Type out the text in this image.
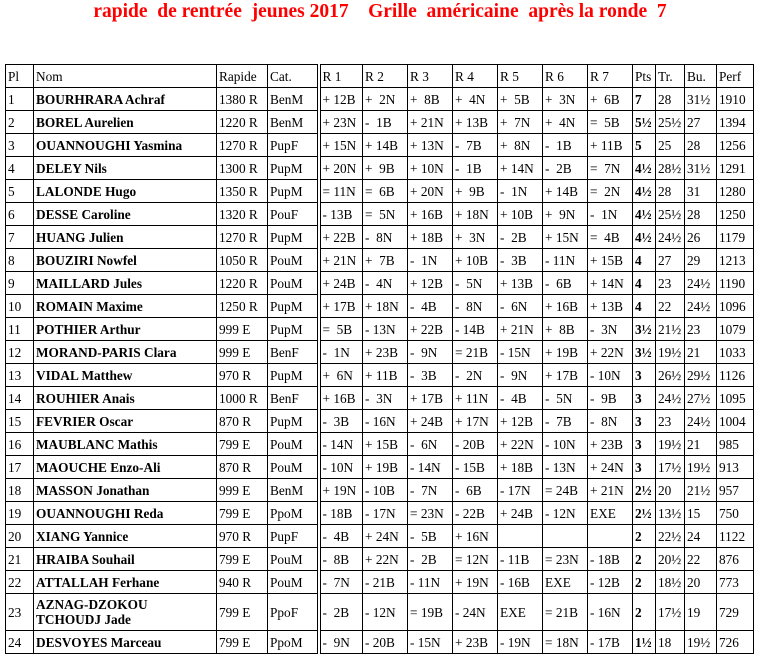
rapide  de rentrée  jeunes 2017    Grille  américaine  après la ronde  7
Pl	Nom	Rapide	Cat.	R 1	R 2	R 3	R 4	R 5	R 6	R 7	Pts	Tr.	Bu.	Perf
1	BOURHRARA Achraf	1380 R	BenM	+ 12B	+  2N	+  8B	+  4N	+  5B	+  3N	+  6B	7	28	31½	1910
2	BOREL Aurelien	1220 R	BenM	+ 23N	-  1B	+ 21N	+ 13B	+  7N	+  4N	=  5B	5½	25½	27	1394
3	OUANNOUGHI Yasmina	1270 R	PupF	+ 15N	+ 14B	+ 13N	-  7B	+  8N	-  1B	+ 11B	5	25	28	1256
4	DELEY Nils	1300 R	PupM	+ 20N	+  9B	+ 10N	-  1B	+ 14N	-  2B	=  7N	4½	28½	31½	1291
5	LALONDE Hugo	1350 R	PupM	= 11N	=  6B	+ 20N	+  9B	-  1N	+ 14B	=  2N	4½	28	31	1280
6	DESSE Caroline	1320 R	PouF	- 13B	=  5N	+ 16B	+ 18N	+ 10B	+  9N	-  1N	4½	25½	28	1250
7	HUANG Julien	1270 R	PupM	+ 22B	-  8N	+ 18B	+  3N	-  2B	+ 15N	=  4B	4½	24½	26	1179
8	BOUZIRI Nowfel	1050 R	PouM	+ 21N	+  7B	-  1N	+ 10B	-  3B	- 11N	+ 15B	4	27	29	1213
9	MAILLARD Jules	1220 R	PouM	+ 24B	-  4N	+ 12B	-  5N	+ 13B	-  6B	+ 14N	4	23	24½	1190
10	ROMAIN Maxime	1250 R	PupM	+ 17B	+ 18N	-  4B	-  8N	-  6N	+ 16B	+ 13B	4	22	24½	1096
11	POTHIER Arthur	999 E	PupM	=  5B	- 13N	+ 22B	- 14B	+ 21N	+  8B	-  3N	3½	21½	23	1079
12	MORAND-PARIS Clara	999 E	BenF	-  1N	+ 23B	-  9N	= 21B	- 15N	+ 19B	+ 22N	3½	19½	21	1033
13	VIDAL Matthew	970 R	PupM	+  6N	+ 11B	-  3B	-  2N	-  9N	+ 17B	- 10N	3	26½	29½	1126
14	ROUHIER Anais	1000 R	BenF	+ 16B	-  3N	+ 17B	+ 11N	-  4B	-  5N	-  9B	3	24½	27½	1095
15	FEVRIER Oscar	870 R	PupM	-  3B	- 16N	+ 24B	+ 17N	+ 12B	-  7B	-  8N	3	23	24½	1004
16	MAUBLANC Mathis	799 E	PouM	- 14N	+ 15B	-  6N	- 20B	+ 22N	- 10N	+ 23B	3	19½	21	985
17	MAOUCHE Enzo-Ali	870 R	PouM	- 10N	+ 19B	- 14N	- 15B	+ 18B	- 13N	+ 24N	3	17½	19½	913
18	MASSON Jonathan	999 E	BenM	+ 19N	- 10B	-  7N	-  6B	- 17N	= 24B	+ 21N	2½	20	21½	957
19	OUANNOUGHI Reda	799 E	PpoM	- 18B	- 17N	= 23N	- 22B	+ 24B	- 12N	EXE	2½	13½	15	750
20	XIANG Yannice	970 R	PupF	-  4B	+ 24N	-  5B	+ 16N				2	22½	24	1122
21	HRAIBA Souhail	799 E	PouM	-  8B	+ 22N	-  2B	= 12N	- 11B	= 23N	- 18B	2	20½	22	876
22	ATTALLAH Ferhane	940 R	PouM	-  7N	- 21B	- 11N	+ 19N	- 16B	EXE	- 12B	2	18½	20	773
23	AZNAG-DZOKOU TCHOUDJ Jade	799 E	PpoF	-  2B	- 12N	= 19B	- 24N	EXE	= 21B	- 16N	2	17½	19	729
24	DESVOYES Marceau	799 E	PpoM	-  9N	- 20B	- 15N	+ 23B	- 19N	= 18N	- 17B	1½	18	19½	726
